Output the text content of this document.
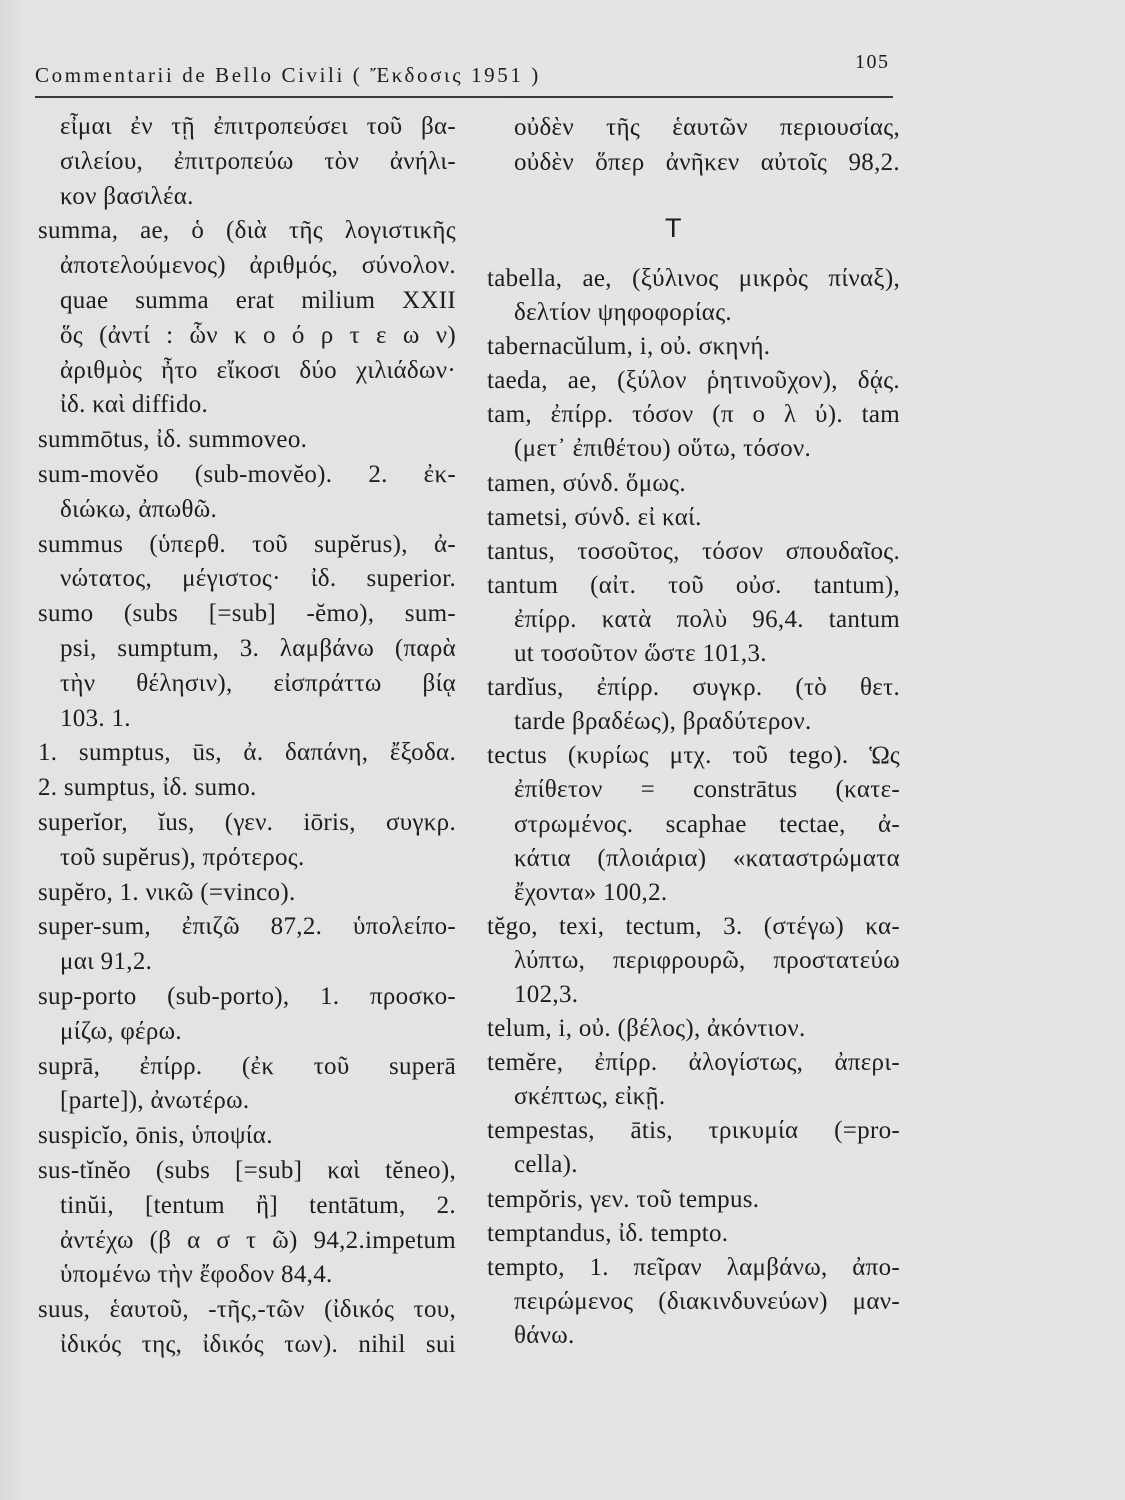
Commentarii de Bello Civili ( Ἔκδοσις 1951 )
105
εἶμαι ἐν τῇ ἐπιτροπεύσει τοῦ βα-
σιλείου, ἐπιτροπεύω τὸν ἀνήλι-
κον βασιλέα.
summa, ae, ὁ (διὰ τῆς λογιστικῆς
ἀποτελούμενος) ἀριθμός, σύνολον.
quae summa erat milium XXII
ὅς (ἀντί : ὧν κ ο ό ρ τ ε ω ν)
ἀριθμὸς ἦτο εἴκοσι δύο χιλιάδων·
ἰδ. καὶ diffido.
summōtus, ἰδ. summoveo.
sum-movĕo (sub-movĕo). 2. ἐκ-
διώκω, ἀπωθῶ.
summus (ὑπερθ. τοῦ supĕrus), ἀ-
νώτατος, μέγιστος· ἰδ. superior.
sumo (subs [=sub] -ĕmo), sum-
psi, sumptum, 3. λαμβάνω (παρὰ
τὴν θέλησιν), εἰσπράττω βίᾳ
103. 1.
1. sumptus, ūs, ἀ. δαπάνη, ἔξοδα.
2. sumptus, ἰδ. sumo.
superĭor, ĭus, (γεν. iōris, συγκρ.
τοῦ supĕrus), πρότερος.
supĕro, 1. νικῶ (=vinco).
super-sum, ἐπιζῶ 87,2. ὑπολείπο-
μαι 91,2.
sup-porto (sub-porto), 1. προσκο-
μίζω, φέρω.
suprā, ἐπίρρ. (ἐκ τοῦ superā
[parte]), ἀνωτέρω.
suspicĭo, ōnis, ὑποψία.
sus-tĭnĕo (subs [=sub] καὶ tĕneo),
tinŭi, [tentum ἢ] tentātum, 2.
ἀντέχω (β α σ τ ῶ) 94,2.impetum
ὑπομένω τὴν ἔφοδον 84,4.
suus, ἑαυτοῦ, -τῆς,-τῶν (ἰδικός του,
ἰδικός της, ἰδικός των). nihil sui
οὐδὲν τῆς ἑαυτῶν περιουσίας,
οὐδὲν ὅπερ ἀνῆκεν αὐτοῖς 98,2.
T
tabella, ae, (ξύλινος μικρὸς πίναξ),
δελτίον ψηφοφορίας.
tabernacŭlum, i, οὐ. σκηνή.
taeda, ae, (ξύλον ῥητινοῦχον), δᾴς.
tam, ἐπίρρ. τόσον (π ο λ ύ). tam
(μετ᾽ ἐπιθέτου) οὕτω, τόσον.
tamen, σύνδ. ὅμως.
tametsi, σύνδ. εἰ καί.
tantus, τοσοῦτος, τόσον σπουδαῖος.
tantum (αἰτ. τοῦ οὐσ. tantum),
ἐπίρρ. κατὰ πολὺ 96,4. tantum
ut τοσοῦτον ὥστε 101,3.
tardĭus, ἐπίρρ. συγκρ. (τὸ θετ.
tarde βραδέως), βραδύτερον.
tectus (κυρίως μτχ. τοῦ tego). Ὡς
ἐπίθετον = constrātus (κατε-
στρωμένος. scaphae tectae, ἀ-
κάτια (πλοιάρια) «καταστρώματα
ἔχοντα» 100,2.
tĕgo, texi, tectum, 3. (στέγω) κα-
λύπτω, περιφρουρῶ, προστατεύω
102,3.
telum, i, οὐ. (βέλος), ἀκόντιον.
temĕre, ἐπίρρ. ἀλογίστως, ἀπερι-
σκέπτως, εἰκῇ.
tempestas, ātis, τρικυμία (=pro-
cella).
tempŏris, γεν. τοῦ tempus.
temptandus, ἰδ. tempto.
tempto, 1. πεῖραν λαμβάνω, ἀπο-
πειρώμενος (διακινδυνεύων) μαν-
θάνω.
